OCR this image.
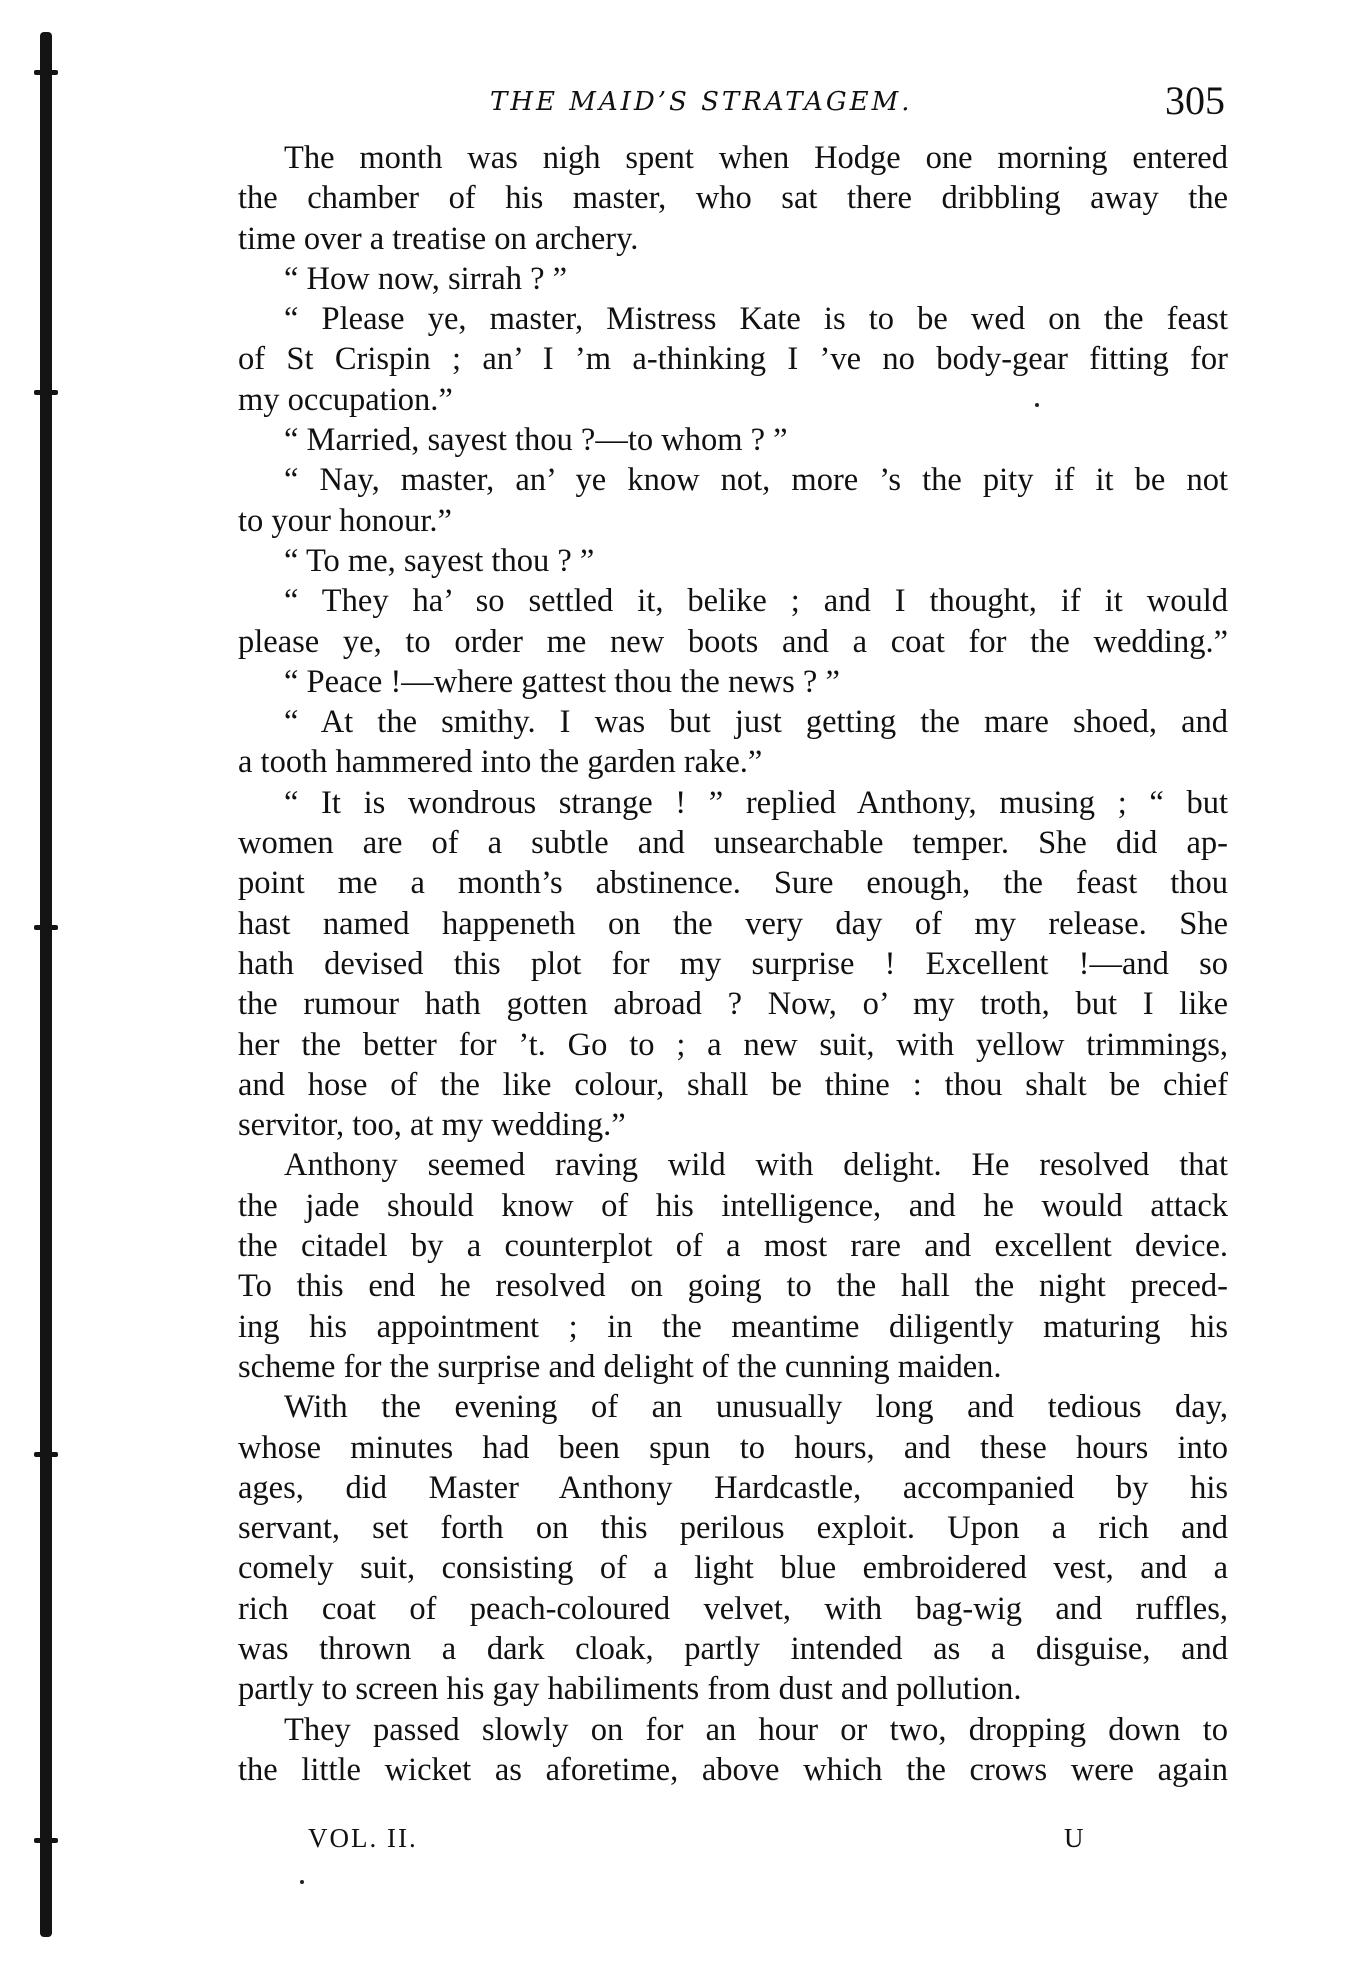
THE MAID’S STRATAGEM.	305
The month was nigh spent when Hodge one morning entered
the chamber of his master, who sat there dribbling away the
time over a treatise on archery.
“ How now, sirrah ? ”
“ Please ye, master, Mistress Kate is to be wed on the feast
of St Crispin ; an’ I ’m a-thinking I ’ve no body-gear fitting for
my occupation.”
“ Married, sayest thou ?—to whom ? ”
“ Nay, master, an’ ye know not, more ’s the pity if it be not
to your honour.”
“ To me, sayest thou ? ”
“ They ha’ so settled it, belike ; and I thought, if it would
please ye, to order me new boots and a coat for the wedding.”
“ Peace !—where gattest thou the news ? ”
“ At the smithy. I was but just getting the mare shoed, and
a tooth hammered into the garden rake.”
“ It is wondrous strange ! ” replied Anthony, musing ; “ but
women are of a subtle and unsearchable temper. She did ap-
point me a month’s abstinence. Sure enough, the feast thou
hast named happeneth on the very day of my release. She
hath devised this plot for my surprise ! Excellent !—and so
the rumour hath gotten abroad ? Now, o’ my troth, but I like
her the better for ’t. Go to ; a new suit, with yellow trimmings,
and hose of the like colour, shall be thine : thou shalt be chief
servitor, too, at my wedding.”
Anthony seemed raving wild with delight. He resolved that
the jade should know of his intelligence, and he would attack
the citadel by a counterplot of a most rare and excellent device.
To this end he resolved on going to the hall the night preced-
ing his appointment ; in the meantime diligently maturing his
scheme for the surprise and delight of the cunning maiden.
With the evening of an unusually long and tedious day,
whose minutes had been spun to hours, and these hours into
ages, did Master Anthony Hardcastle, accompanied by his
servant, set forth on this perilous exploit. Upon a rich and
comely suit, consisting of a light blue embroidered vest, and a
rich coat of peach-coloured velvet, with bag-wig and ruffles,
was thrown a dark cloak, partly intended as a disguise, and
partly to screen his gay habiliments from dust and pollution.
They passed slowly on for an hour or two, dropping down to
the little wicket as aforetime, above which the crows were again
VOL. II.	U
